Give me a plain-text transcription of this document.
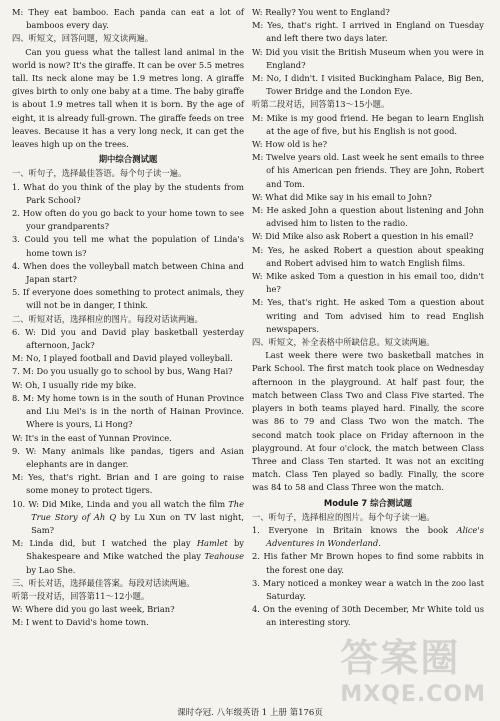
M: They eat bamboo. Each panda can eat a lot of bamboos every day.

四、听短文，回答问题，短文读两遍。

Can you guess what the tallest land animal in the world is now? It's the giraffe. It can be over 5.5 metres tall. Its neck alone may be 1.9 metres long. A giraffe gives birth to only one baby at a time. The baby giraffe is about 1.9 metres tall when it is born. By the age of eight, it is already full-grown. The giraffe feeds on tree leaves. Because it has a very long neck, it can get the leaves high up on the trees.

期中综合测试题

一、听句子，选择最佳答语。每个句子读一遍。

1. What do you think of the play by the students from Park School?

2. How often do you go back to your home town to see your grandparents?

3. Could you tell me what the population of Linda's home town is?

4. When does the volleyball match between China and Japan start?

5. If everyone does something to protect animals, they will not be in danger, I think.

二、听短对话，选择相应的图片。每段对话读两遍。

6. W: Did you and David play basketball yesterday afternoon, Jack?

M: No, I played football and David played volleyball.

7. M: Do you usually go to school by bus, Wang Hai?

W: Oh, I usually ride my bike.

8. M: My home town is in the south of Hunan Province and Liu Mei's is in the north of Hainan Province. Where is yours, Li Hong?

W: It's in the east of Yunnan Province.

9. W: Many animals like pandas, tigers and Asian elephants are in danger.

M: Yes, that's right. Brian and I are going to raise some money to protect tigers.

10. W: Did Mike, Linda and you all watch the film The True Story of Ah Q by Lu Xun on TV last night, Sam?

M: Linda did, but I watched the play Hamlet by Shakespeare and Mike watched the play Teahouse by Lao She.

三、听长对话，选择最佳答案。每段对话读两遍。

听第一段对话，回答第11～12小题。

W: Where did you go last week, Brian?

M: I went to David's home town.

W: Really? You went to England?

M: Yes, that's right. I arrived in England on Tuesday and left there two days later.

W: Did you visit the British Museum when you were in England?

M: No, I didn't. I visited Buckingham Palace, Big Ben, Tower Bridge and the London Eye.

听第二段对话，回答第13～15小题。

M: Mike is my good friend. He began to learn English at the age of five, but his English is not good.

W: How old is he?

M: Twelve years old. Last week he sent emails to three of his American pen friends. They are John, Robert and Tom.

W: What did Mike say in his email to John?

M: He asked John a question about listening and John advised him to listen to the radio.

W: Did Mike also ask Robert a question in his email?

M: Yes, he asked Robert a question about speaking and Robert advised him to watch English films.

W: Mike asked Tom a question in his email too, didn't he?

M: Yes, that's right. He asked Tom a question about writing and Tom advised him to read English newspapers.

四、听短文，补全表格中所缺信息。短文读两遍。

Last week there were two basketball matches in Park School. The first match took place on Wednesday afternoon in the playground. At half past four, the match between Class Two and Class Five started. The players in both teams played hard. Finally, the score was 86 to 79 and Class Two won the match. The second match took place on Friday afternoon in the playground. At four o'clock, the match between Class Three and Class Ten started. It was not an exciting match. Class Ten played so badly. Finally, the score was 84 to 58 and Class Three won the match.

Module 7 综合测试题

一、听句子，选择相应的图片。每个句子读一遍。

1. Everyone in Britain knows the book Alice's Adventures in Wonderland.

2. His father Mr Brown hopes to find some rabbits in the forest one day.

3. Mary noticed a monkey wear a watch in the zoo last Saturday.

4. On the evening of 30th December, Mr White told us an interesting story.

课时夺冠. 八年级英语 1 上册 第176页
答案圈
MXQE.COM
